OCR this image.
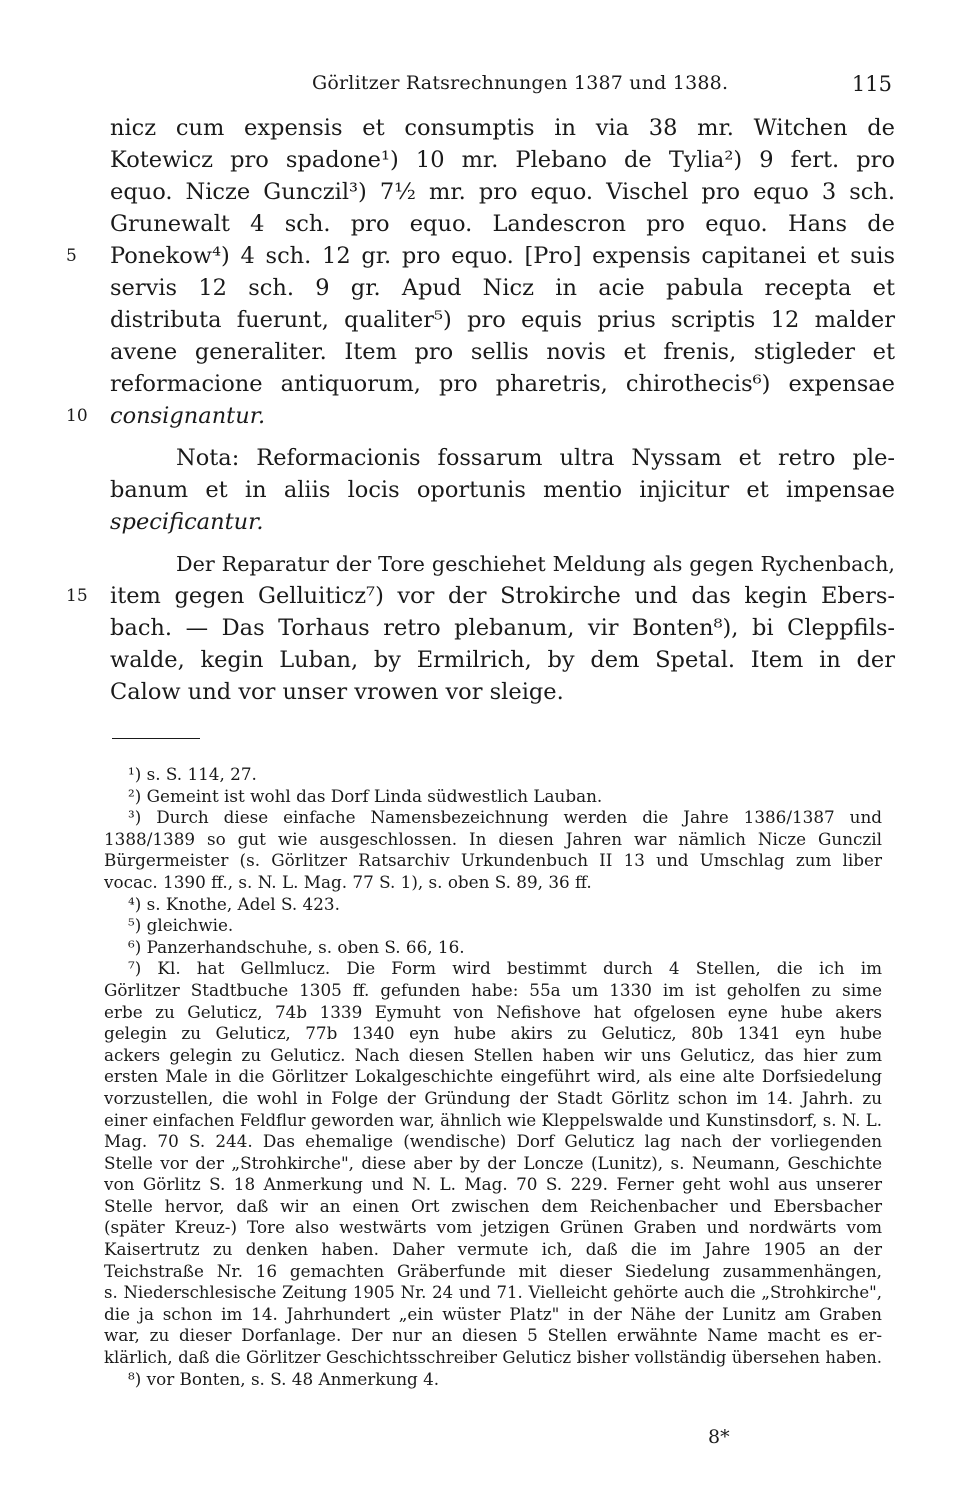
Görlitzer Ratsrechnungen 1387 und 1388.	115
nicz cum expensis et consumptis in via 38 mr. Witchen de
Kotewicz pro spadone¹) 10 mr. Plebano de Tylia²) 9 fert. pro
equo. Nicze Gunczil³) 7½ mr. pro equo. Vischel pro equo 3 sch.
Grunewalt 4 sch. pro equo. Landescron pro equo. Hans de
5 Ponekow⁴) 4 sch. 12 gr. pro equo. [Pro] expensis capitanei et suis
servis 12 sch. 9 gr. Apud Nicz in acie pabula recepta et
distributa fuerunt, qualiter⁵) pro equis prius scriptis 12 malder
avene generaliter. Item pro sellis novis et frenis, stigleder et
reformacione antiquorum, pro pharetris, chirothecis⁶) expensae
10 consignantur.
Nota: Reformacionis fossarum ultra Nyssam et retro ple-
banum et in aliis locis oportunis mentio injicitur et impensae
specificantur.
Der Reparatur der Tore geschiehet Meldung als gegen Rychenbach,
15 item gegen Gelluiticz⁷) vor der Strokirche und das kegin Ebers-
bach. — Das Torhaus retro plebanum, vir Bonten⁸), bi Cleppfils-
walde, kegin Luban, by Ermilrich, by dem Spetal. Item in der
Calow und vor unser vrowen vor sleige.
¹) s. S. 114, 27.
²) Gemeint ist wohl das Dorf Linda südwestlich Lauban.
³) Durch diese einfache Namensbezeichnung werden die Jahre 1386/1387 und
1388/1389 so gut wie ausgeschlossen. In diesen Jahren war nämlich Nicze Gunczil
Bürgermeister (s. Görlitzer Ratsarchiv Urkundenbuch II 13 und Umschlag zum liber
vocac. 1390 ff., s. N. L. Mag. 77 S. 1), s. oben S. 89, 36 ff.
⁴) s. Knothe, Adel S. 423.
⁵) gleichwie.
⁶) Panzerhandschuhe, s. oben S. 66, 16.
⁷) Kl. hat Gellmlucz. Die Form wird bestimmt durch 4 Stellen, die ich im
Görlitzer Stadtbuche 1305 ff. gefunden habe: 55a um 1330 im ist geholfen zu sime
erbe zu Geluticz, 74b 1339 Eymuht von Nefishove hat ofgelosen eyne hube akers
gelegin zu Geluticz, 77b 1340 eyn hube akirs zu Geluticz, 80b 1341 eyn hube
ackers gelegin zu Geluticz. Nach diesen Stellen haben wir uns Geluticz, das hier zum
ersten Male in die Görlitzer Lokalgeschichte eingeführt wird, als eine alte Dorfsiedelung
vorzustellen, die wohl in Folge der Gründung der Stadt Görlitz schon im 14. Jahrh. zu
einer einfachen Feldflur geworden war, ähnlich wie Kleppelswalde und Kunstinsdorf, s. N. L.
Mag. 70 S. 244. Das ehemalige (wendische) Dorf Geluticz lag nach der vorliegenden
Stelle vor der „Strohkirche", diese aber by der Loncze (Lunitz), s. Neumann, Geschichte
von Görlitz S. 18 Anmerkung und N. L. Mag. 70 S. 229. Ferner geht wohl aus unserer
Stelle hervor, daß wir an einen Ort zwischen dem Reichenbacher und Ebersbacher
(später Kreuz-) Tore also westwärts vom jetzigen Grünen Graben und nordwärts vom
Kaisertrutz zu denken haben. Daher vermute ich, daß die im Jahre 1905 an der
Teichstraße Nr. 16 gemachten Gräberfunde mit dieser Siedelung zusammenhängen,
s. Niederschlesische Zeitung 1905 Nr. 24 und 71. Vielleicht gehörte auch die „Strohkirche",
die ja schon im 14. Jahrhundert „ein wüster Platz" in der Nähe der Lunitz am Graben
war, zu dieser Dorfanlage. Der nur an diesen 5 Stellen erwähnte Name macht es er-
klärlich, daß die Görlitzer Geschichtsschreiber Geluticz bisher vollständig übersehen haben.
⁸) vor Bonten, s. S. 48 Anmerkung 4.
8*
